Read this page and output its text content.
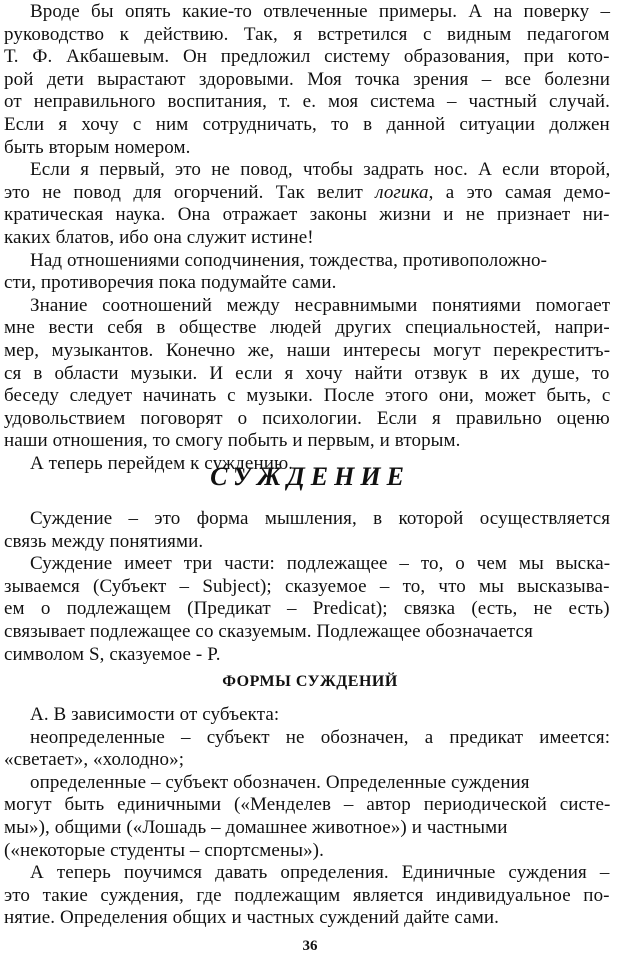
Вроде бы опять какие-то отвлеченные примеры. А на поверку –
руководство к действию. Так, я встретился с видным педагогом
Т. Ф. Акбашевым. Он предложил систему образования, при кото-
рой дети вырастают здоровыми. Моя точка зрения – все болезни
от неправильного воспитания, т. е. моя система – частный случай.
Если я хочу с ним сотрудничать, то в данной ситуации должен
быть вторым номером.
Если я первый, это не повод, чтобы задрать нос. А если второй,
это не повод для огорчений. Так велит логика, а это самая демо-
кратическая наука. Она отражает законы жизни и не признает ни-
каких блатов, ибо она служит истине!
Над отношениями соподчинения, тождества, противоположно-
сти, противоречия пока подумайте сами.
Знание соотношений между несравнимыми понятиями помогает
мне вести себя в обществе людей других специальностей, напри-
мер, музыкантов. Конечно же, наши интересы могут перекреститъ-
ся в области музыки. И если я хочу найти отзвук в их душе, то
беседу следует начинать с музыки. После этого они, может быть, с
удовольствием поговорят о психологии. Если я правильно оценю
наши отношения, то смогу побыть и первым, и вторым.
А теперь перейдем к суждению.
СУЖДЕНИЕ
Суждение – это форма мышления, в которой осуществляется
связь между понятиями.
Суждение имеет три части: подлежащее – то, о чем мы выска-
зываемся (Субъект – Subject); сказуемое – то, что мы высказыва-
ем о подлежащем (Предикат – Predicat); связка (есть, не есть)
связывает подлежащее со сказуемым. Подлежащее обозначается
символом S, сказуемое - P.
ФОРМЫ СУЖДЕНИЙ
А. В зависимости от субъекта:
неопределенные – субъект не обозначен, а предикат имеется:
«светает», «холодно»;
определенные – субъект обозначен. Определенные суждения
могут быть единичными («Менделев – автор периодической систе-
мы»), общими («Лошадь – домашнее животное») и частными
(«некоторые студенты – спортсмены»).
А теперь поучимся давать определения. Единичные суждения –
это такие суждения, где подлежащим является индивидуальное по-
нятие. Определения общих и частных суждений дайте сами.
36
